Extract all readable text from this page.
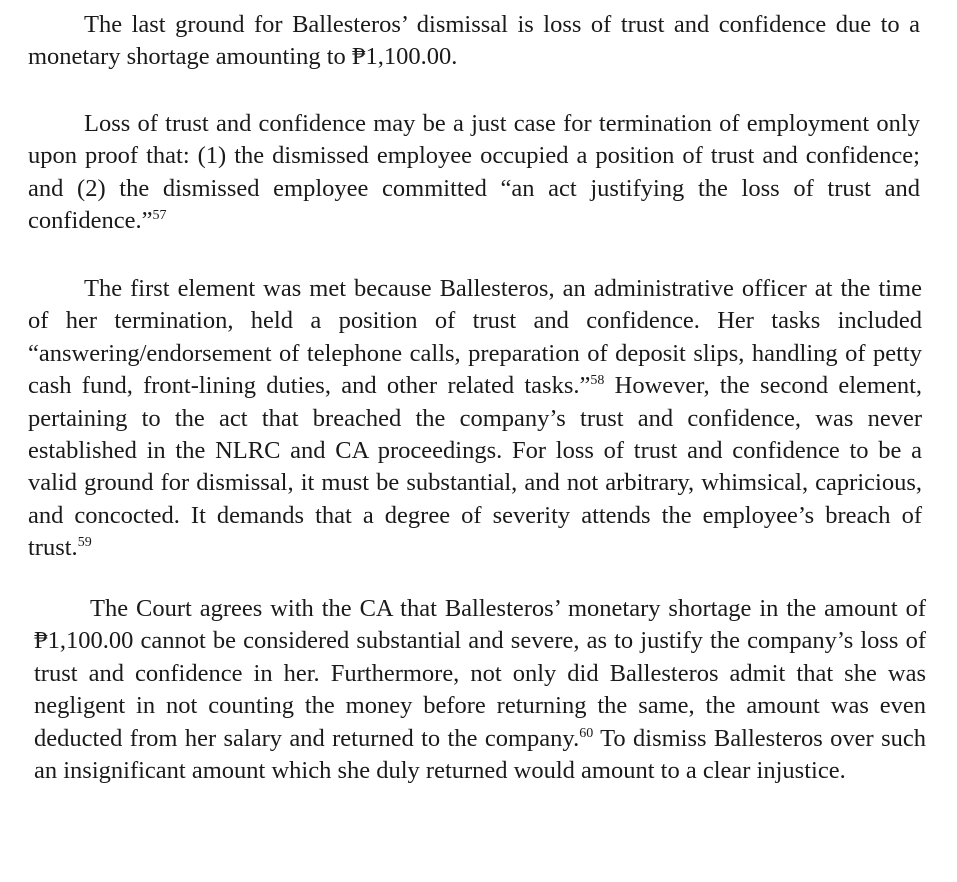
The last ground for Ballesteros’ dismissal is loss of trust and confidence due to a monetary shortage amounting to ₱1,100.00.

Loss of trust and confidence may be a just case for termination of employment only upon proof that: (1) the dismissed employee occupied a position of trust and confidence; and (2) the dismissed employee committed “an act justifying the loss of trust and confidence.”$^{57}$

The first element was met because Ballesteros, an administrative officer at the time of her termination, held a position of trust and confidence. Her tasks included “answering/endorsement of telephone calls, preparation of deposit slips, handling of petty cash fund, front-lining duties, and other related tasks.”$^{58}$ However, the second element, pertaining to the act that breached the company’s trust and confidence, was never established in the NLRC and CA proceedings. For loss of trust and confidence to be a valid ground for dismissal, it must be substantial, and not arbitrary, whimsical, capricious, and concocted. It demands that a degree of severity attends the employee’s breach of trust.$^{59}$

The Court agrees with the CA that Ballesteros’ monetary shortage in the amount of ₱1,100.00 cannot be considered substantial and severe, as to justify the company’s loss of trust and confidence in her. Furthermore, not only did Ballesteros admit that she was negligent in not counting the money before returning the same, the amount was even deducted from her salary and returned to the company.$^{60}$ To dismiss Ballesteros over such an insignificant amount which she duly returned would amount to a clear injustice.
